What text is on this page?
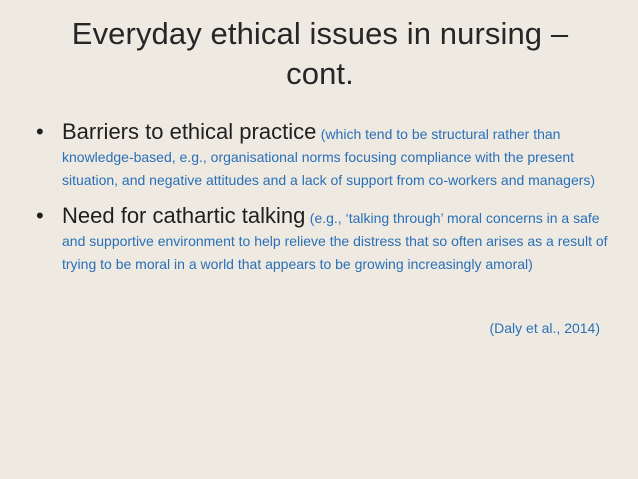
Everyday ethical issues in nursing – cont.
• Barriers to ethical practice (which tend to be structural rather than knowledge-based, e.g., organisational norms focusing compliance with the present situation, and negative attitudes and a lack of support from co-workers and managers)
• Need for cathartic talking (e.g., ‘talking through’ moral concerns in a safe and supportive environment to help relieve the distress that so often arises as a result of trying to be moral in a world that appears to be growing increasingly amoral)
(Daly et al., 2014)
